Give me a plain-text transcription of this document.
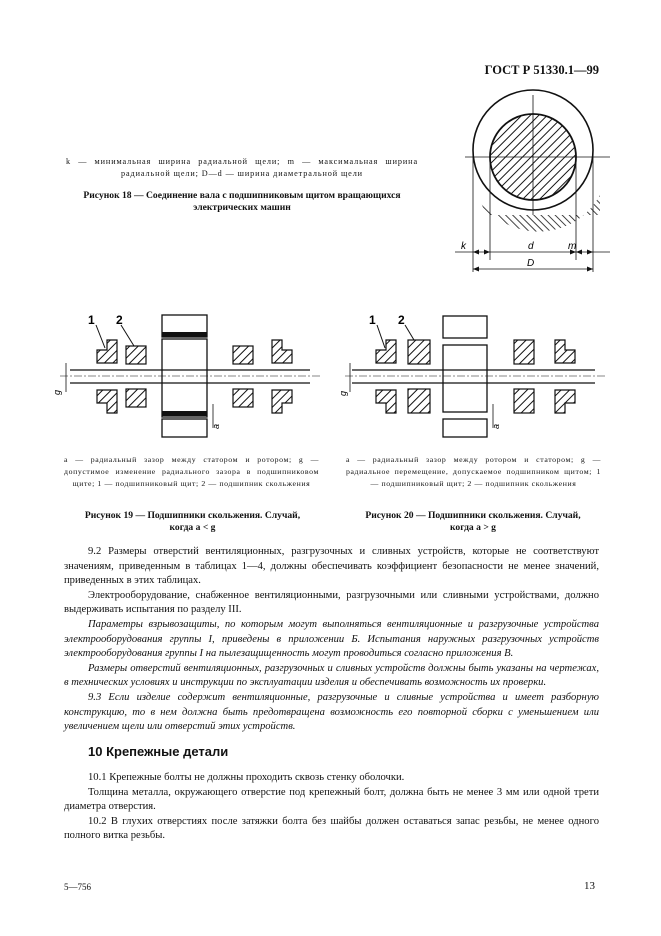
ГОСТ Р 51330.1—99
k — минимальная ширина радиальной щели; m — максимальная ширина радиальной щели; D—d — ширина диаметральной щели
Рисунок 18 — Соединение вала с подшипниковым щитом вращающихся
электрических машин
k	d	m
D
1 2
g
a
1 2
g
a
a — радиальный зазор между статором и ротором; g — допустимое изменение радиального зазора в подшипниковом щите; 1 — подшипниковый щит; 2 — подшипник скольжения
a — радиальный зазор между ротором и статором; g — радиальное перемещение, допускаемое подшипником щитом; 1 — подшипниковый щит; 2 — подшипник скольжения
Рисунок 19 — Подшипники скольжения. Случай,
когда a < g
Рисунок 20 — Подшипники скольжения. Случай,
когда a > g

9.2 Размеры отверстий вентиляционных, разгрузочных и сливных устройств, которые не соответствуют значениям, приведенным в таблицах 1—4, должны обеспечивать коэффициент безопасности не менее значений, приведенных в этих таблицах.

Электрооборудование, снабженное вентиляционными, разгрузочными или сливными устройствами, должно выдерживать испытания по разделу III.

Параметры взрывозащиты, по которым могут выполняться вентиляционные и разгрузочные устройства электрооборудования группы I, приведены в приложении Б. Испытания наружных разгрузочных устройств электрооборудования группы I на пылезащищенность могут проводиться согласно приложения В.

Размеры отверстий вентиляционных, разгрузочных и сливных устройств должны быть указаны на чертежах, в технических условиях и инструкции по эксплуатации изделия и обеспечивать возможность их проверки.

9.3 Если изделие содержит вентиляционные, разгрузочные и сливные устройства и имеет разборную конструкцию, то в нем должна быть предотвращена возможность его повторной сборки с уменьшением или увеличением щели или отверстий этих устройств.

10 Крепежные детали

10.1 Крепежные болты не должны проходить сквозь стенку оболочки.

Толщина металла, окружающего отверстие под крепежный болт, должна быть не менее 3 мм или одной трети диаметра отверстия.

10.2 В глухих отверстиях после затяжки болта без шайбы должен оставаться запас резьбы, не менее одного полного витка резьбы.

5—756	13
